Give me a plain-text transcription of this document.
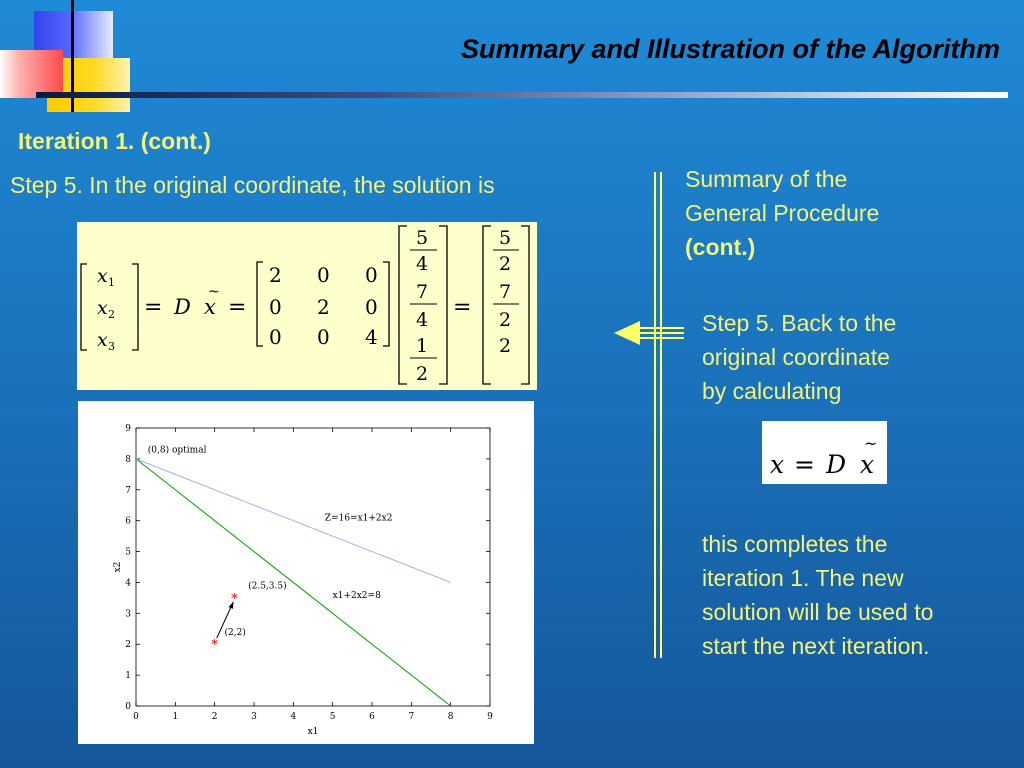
Summary and Illustration of the Algorithm
Iteration 1. (cont.)
Step 5. In the original coordinate, the solution is
x 1
x 2
x 3
= D
~
x =
2 0 0
0 2 0
0 0 4
5
4
7
4
1
2
=
5
2
7
2
2
0	1	2	3	4	5	6	7	8	9
0
1
2
3
4
5
6
7
8
9
x1
x2
*
*
(0,8) optimal
Z=16=x1+2x2
x1+2x2=8
(2.5,3.5)
(2,2)
Summary of the
General Procedure
(cont.)
Step 5. Back to the
original coordinate
by calculating
x = D
~
x
this completes the
iteration 1. The new
solution will be used to
start the next iteration.
